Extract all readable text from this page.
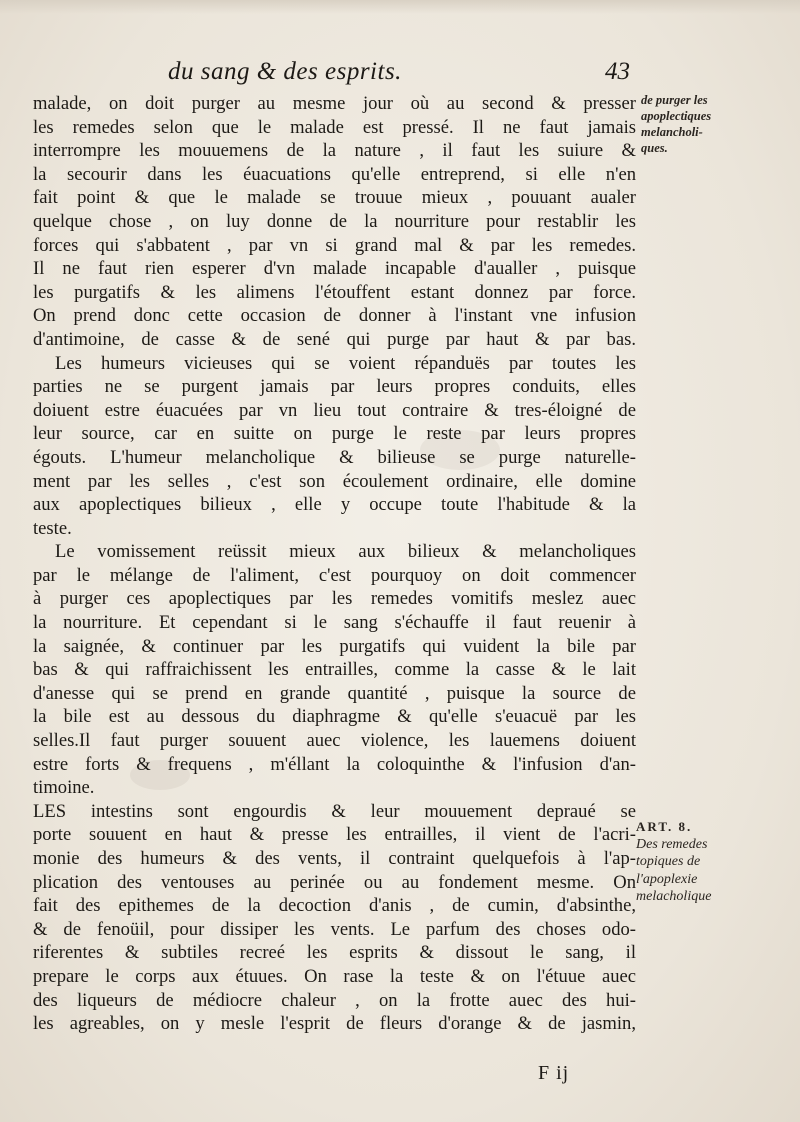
du sang & des esprits.	43
malade, on doit purger au mesme jour où au second & presser
les remedes selon que le malade est pressé. Il ne faut jamais
interrompre les mouuemens de la nature , il faut les suiure &
la secourir dans les éuacuations qu'elle entreprend, si elle n'en
fait point & que le malade se trouue mieux , pouuant aualer
quelque chose , on luy donne de la nourriture pour restablir les
forces qui s'abbatent , par vn si grand mal & par les remedes.
Il ne faut rien esperer d'vn malade incapable d'aualler , puisque
les purgatifs & les alimens l'étouffent estant donnez par force.
On prend donc cette occasion de donner à l'instant vne infusion
d'antimoine, de casse & de sené qui purge par haut & par bas.
Les humeurs vicieuses qui se voient répanduës par toutes les
parties ne se purgent jamais par leurs propres conduits, elles
doiuent estre éuacuées par vn lieu tout contraire & tres-éloigné de
leur source, car en suitte on purge le reste par leurs propres
égouts. L'humeur melancholique & bilieuse se purge naturelle-
ment par les selles , c'est son écoulement ordinaire, elle domine
aux apoplectiques bilieux , elle y occupe toute l'habitude & la
teste.
Le vomissement reüssit mieux aux bilieux & melancholiques
par le mélange de l'aliment, c'est pourquoy on doit commencer
à purger ces apoplectiques par les remedes vomitifs meslez auec
la nourriture. Et cependant si le sang s'échauffe il faut reuenir à
la saignée, & continuer par les purgatifs qui vuident la bile par
bas & qui raffraichissent les entrailles, comme la casse & le lait
d'anesse qui se prend en grande quantité , puisque la source de
la bile est au dessous du diaphragme & qu'elle s'euacuë par les
selles.Il faut purger souuent auec violence, les lauemens doiuent
estre forts & frequens , m'éllant la coloquinthe & l'infusion d'an-
timoine.
LES intestins sont engourdis & leur mouuement depraué se
porte souuent en haut & presse les entrailles, il vient de l'acri-
monie des humeurs & des vents, il contraint quelquefois à l'ap-
plication des ventouses au perinée ou au fondement mesme. On
fait des epithemes de la decoction d'anis , de cumin, d'absinthe,
& de fenoüil, pour dissiper les vents. Le parfum des choses odo-
riferentes & subtiles recreé les esprits & dissout le sang, il
prepare le corps aux étuues. On rase la teste & on l'étuue auec
des liqueurs de médiocre chaleur , on la frotte auec des hui-
les agreables, on y mesle l'esprit de fleurs d'orange & de jasmin,
de purger les
apoplectiques
melancholi-
ques.
ART. 8.
Des remedes
topiques de
l'apoplexie
melacholique
F ij
